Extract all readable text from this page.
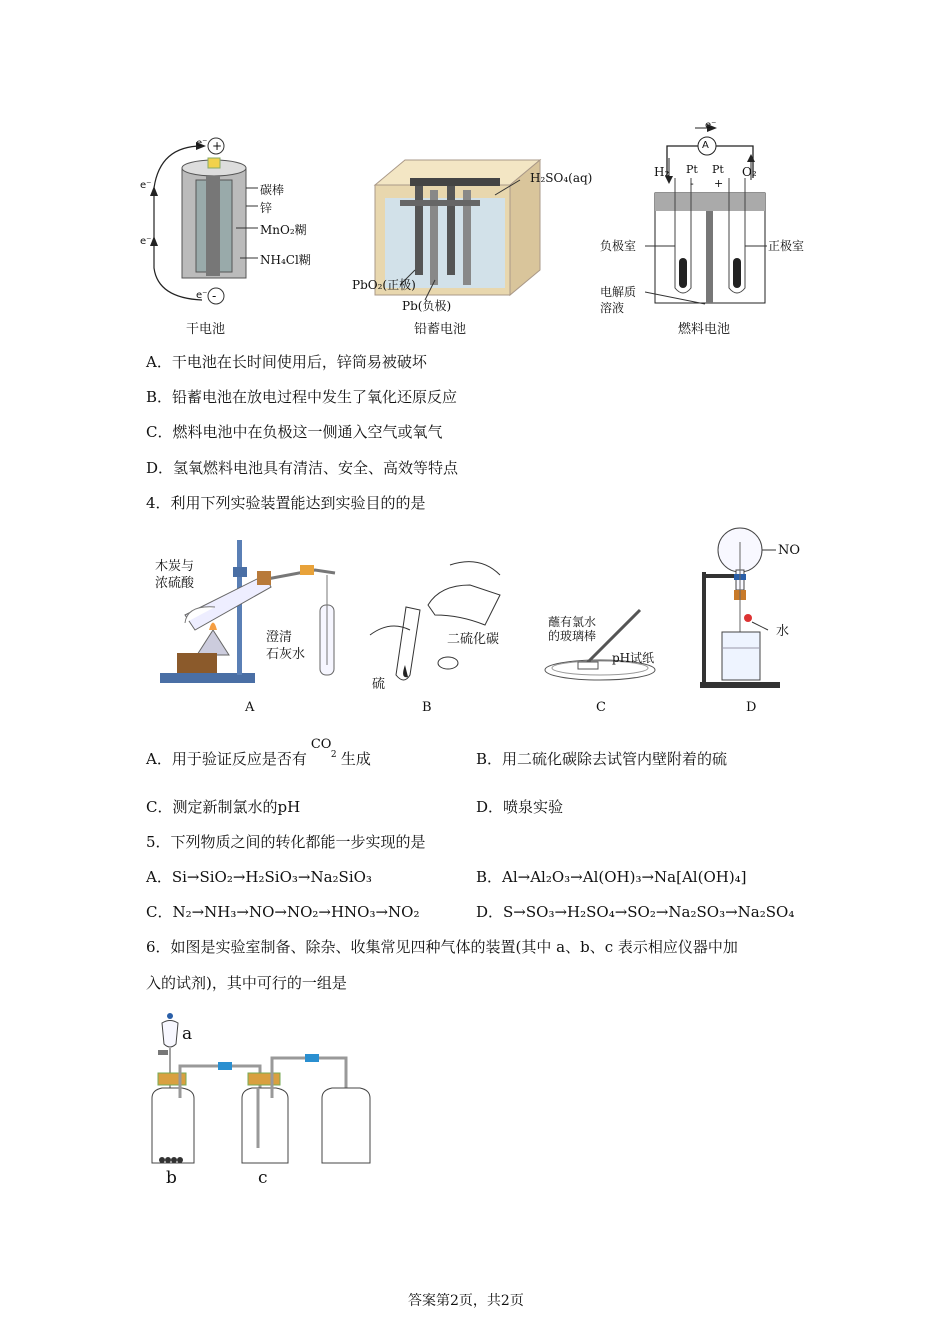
e⁻ +
e⁻
e⁻
e⁻ -
碳棒
锌
MnO₂糊
NH₄Cl糊
干电池
H₂SO₄(aq)
PbO₂(正极)
Pb(负极)
铅蓄电池
e⁻
A
H₂	O₂
Pt Pt
- +
负极室	正极室
电解质
溶液
燃料电池
A．干电池在长时间使用后，锌筒易被破坏
B．铅蓄电池在放电过程中发生了氧化还原反应
C．燃料电池中在负极这一侧通入空气或氧气
D．氢氧燃料电池具有清洁、安全、高效等特点
4．利用下列实验装置能达到实验目的的是
木炭与
浓硫酸
澄清
石灰水
A
二硫化碳
硫
B
蘸有氯水
的玻璃棒
pH试纸
C
NO
水
D
A．用于验证反应是否有
CO
2 生成	B．用二硫化碳除去试管内壁附着的硫
C．测定新制氯水的pH	D．喷泉实验
5．下列物质之间的转化都能一步实现的是
A．Si→SiO₂→H₂SiO₃→Na₂SiO₃	B．Al→Al₂O₃→Al(OH)₃→Na[Al(OH)₄]
C．N₂→NH₃→NO→NO₂→HNO₃→NO₂	D．S→SO₃→H₂SO₄→SO₂→Na₂SO₃→Na₂SO₄
6．如图是实验室制备、除杂、收集常见四种气体的装置(其中 a、b、c 表示相应仪器中加
入的试剂)，其中可行的一组是
a
b	c
答案第2页，共2页
